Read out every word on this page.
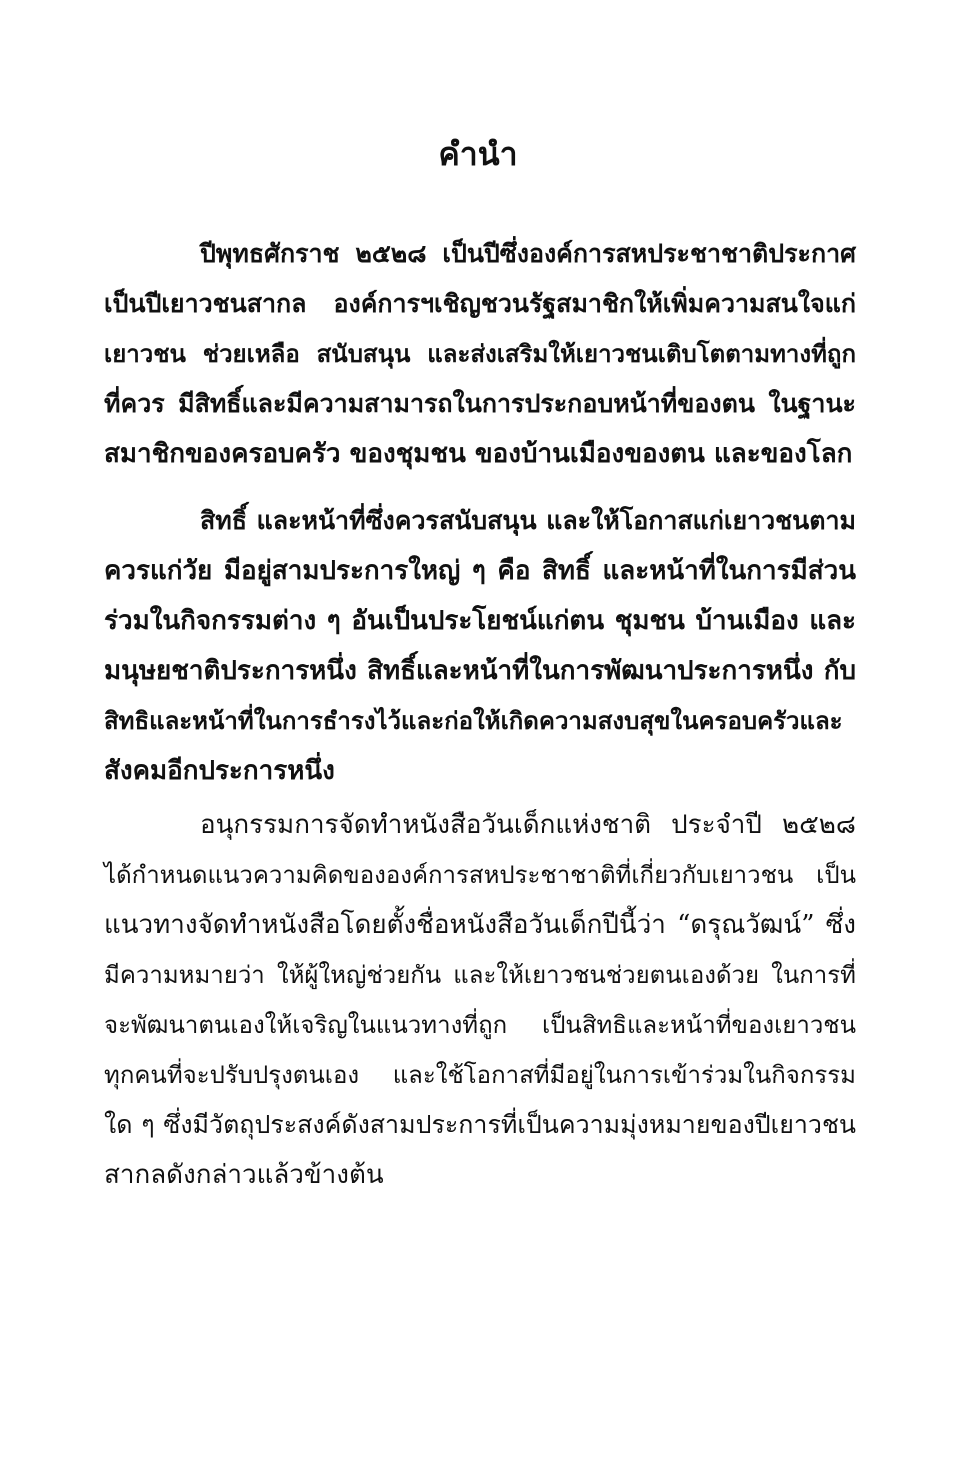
คำนำ
ปีพุทธศักราช ๒๕๒๘ เป็นปีซึ่งองค์การสหประชาชาติประกาศ
เป็นปีเยาวชนสากล องค์การฯเชิญชวนรัฐสมาชิกให้เพิ่มความสนใจแก่
เยาวชน ช่วยเหลือ สนับสนุน และส่งเสริมให้เยาวชนเติบโตตามทางที่ถูก
ที่ควร มีสิทธิ์และมีความสามารถในการประกอบหน้าที่ของตน ในฐานะ
สมาชิกของครอบครัว ของชุมชน ของบ้านเมืองของตน และของโลก
สิทธิ์ และหน้าที่ซึ่งควรสนับสนุน และให้โอกาสแก่เยาวชนตาม
ควรแก่วัย มีอยู่สามประการใหญ่ ๆ คือ สิทธิ์ และหน้าที่ในการมีส่วน
ร่วมในกิจกรรมต่าง ๆ อันเป็นประโยชน์แก่ตน ชุมชน บ้านเมือง และ
มนุษยชาติประการหนึ่ง สิทธิ์และหน้าที่ในการพัฒนาประการหนึ่ง กับ
สิทธิและหน้าที่ในการธำรงไว้และก่อให้เกิดความสงบสุขในครอบครัวและ
สังคมอีกประการหนึ่ง
อนุกรรมการจัดทำหนังสือวันเด็กแห่งชาติ ประจำปี ๒๕๒๘
ได้กำหนดแนวความคิดขององค์การสหประชาชาติที่เกี่ยวกับเยาวชน เป็น
แนวทางจัดทำหนังสือโดยตั้งชื่อหนังสือวันเด็กปีนี้ว่า “ดรุณวัฒน์” ซึ่ง
มีความหมายว่า ให้ผู้ใหญ่ช่วยกัน และให้เยาวชนช่วยตนเองด้วย ในการที่
จะพัฒนาตนเองให้เจริญในแนวทางที่ถูก เป็นสิทธิและหน้าที่ของเยาวชน
ทุกคนที่จะปรับปรุงตนเอง และใช้โอกาสที่มีอยู่ในการเข้าร่วมในกิจกรรม
ใด ๆ ซึ่งมีวัตถุประสงค์ดังสามประการที่เป็นความมุ่งหมายของปีเยาวชน
สากลดังกล่าวแล้วข้างต้น
